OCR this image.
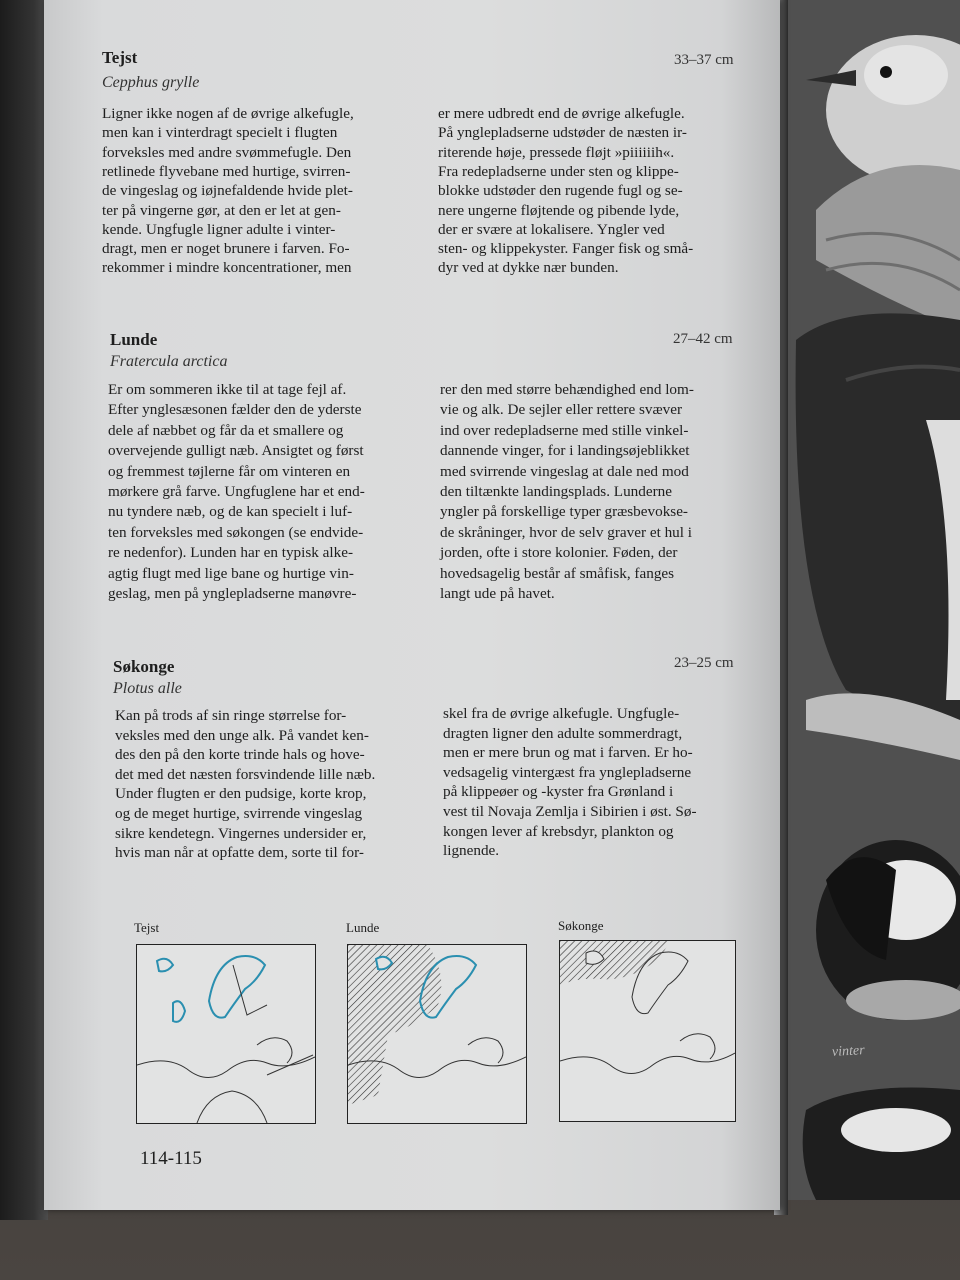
vinter
Tejst
Cepphus grylle
33–37 cm
Ligner ikke nogen af de øvrige alkefugle,
men kan i vinterdragt specielt i flugten
forveksles med andre svømmefugle. Den
retlinede flyvebane med hurtige, svirren-
de vingeslag og iøjnefaldende hvide plet-
ter på vingerne gør, at den er let at gen-
kende. Ungfugle ligner adulte i vinter-
dragt, men er noget brunere i farven. Fo-
rekommer i mindre koncentrationer, men
er mere udbredt end de øvrige alkefugle.
På ynglepladserne udstøder de næsten ir-
riterende høje, pressede fløjt »piiiiiih«.
Fra redepladserne under sten og klippe-
blokke udstøder den rugende fugl og se-
nere ungerne fløjtende og pibende lyde,
der er svære at lokalisere. Yngler ved
sten- og klippekyster. Fanger fisk og små-
dyr ved at dykke nær bunden.
Lunde
Fratercula arctica
27–42 cm
Er om sommeren ikke til at tage fejl af.
Efter ynglesæsonen fælder den de yderste
dele af næbbet og får da et smallere og
overvejende gulligt næb. Ansigtet og først
og fremmest tøjlerne får om vinteren en
mørkere grå farve. Ungfuglene har et end-
nu tyndere næb, og de kan specielt i luf-
ten forveksles med søkongen (se endvide-
re nedenfor). Lunden har en typisk alke-
agtig flugt med lige bane og hurtige vin-
geslag, men på ynglepladserne manøvre-
rer den med større behændighed end lom-
vie og alk. De sejler eller rettere svæver
ind over redepladserne med stille vinkel-
dannende vinger, for i landingsøjeblikket
med svirrende vingeslag at dale ned mod
den tiltænkte landingsplads. Lunderne
yngler på forskellige typer græsbevokse-
de skråninger, hvor de selv graver et hul i
jorden, ofte i store kolonier. Føden, der
hovedsagelig består af småfisk, fanges
langt ude på havet.
Søkonge
Plotus alle
23–25 cm
Kan på trods af sin ringe størrelse for-
veksles med den unge alk. På vandet ken-
des den på den korte trinde hals og hove-
det med det næsten forsvindende lille næb.
Under flugten er den pudsige, korte krop,
og de meget hurtige, svirrende vingeslag
sikre kendetegn. Vingernes undersider er,
hvis man når at opfatte dem, sorte til for-
skel fra de øvrige alkefugle. Ungfugle-
dragten ligner den adulte sommerdragt,
men er mere brun og mat i farven. Er ho-
vedsagelig vintergæst fra ynglepladserne
på klippeøer og -kyster fra Grønland i
vest til Novaja Zemlja i Sibirien i øst. Sø-
kongen lever af krebsdyr, plankton og
lignende.
Tejst	Lunde	Søkonge
114-115
